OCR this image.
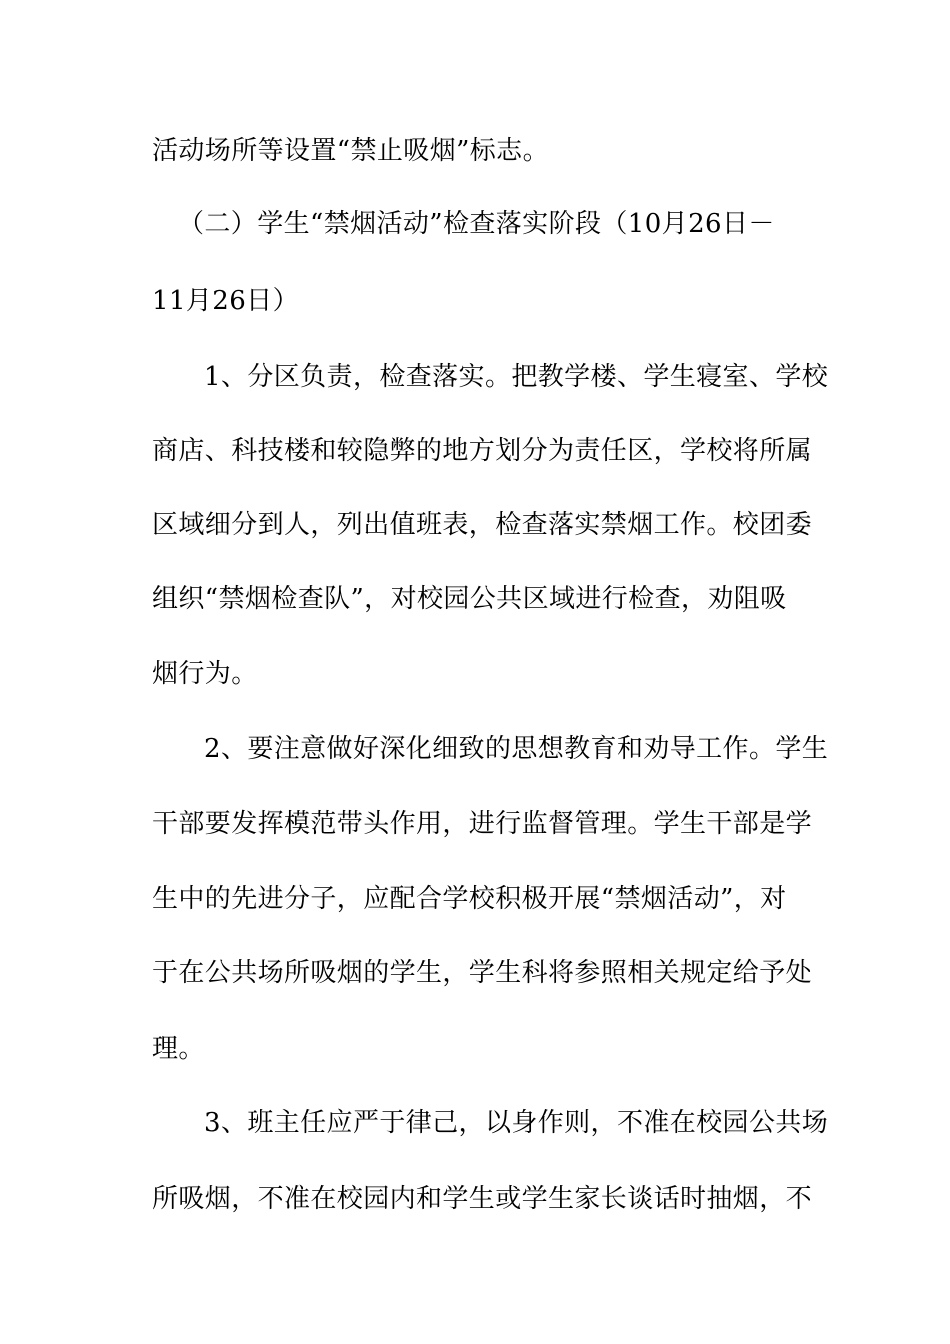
活动场所等设置“禁止吸烟”标志。
（二）学生“禁烟活动”检查落实阶段（10月26日－
11月26日）
1、分区负责，检查落实。把教学楼、学生寝室、学校
商店、科技楼和较隐弊的地方划分为责任区，学校将所属
区域细分到人，列出值班表，检查落实禁烟工作。校团委
组织“禁烟检查队”，对校园公共区域进行检查，劝阻吸
烟行为。
2、要注意做好深化细致的思想教育和劝导工作。学生
干部要发挥模范带头作用，进行监督管理。学生干部是学
生中的先进分子，应配合学校积极开展“禁烟活动”，对
于在公共场所吸烟的学生，学生科将参照相关规定给予处
理。
3、班主任应严于律己，以身作则，不准在校园公共场
所吸烟，不准在校园内和学生或学生家长谈话时抽烟，不
